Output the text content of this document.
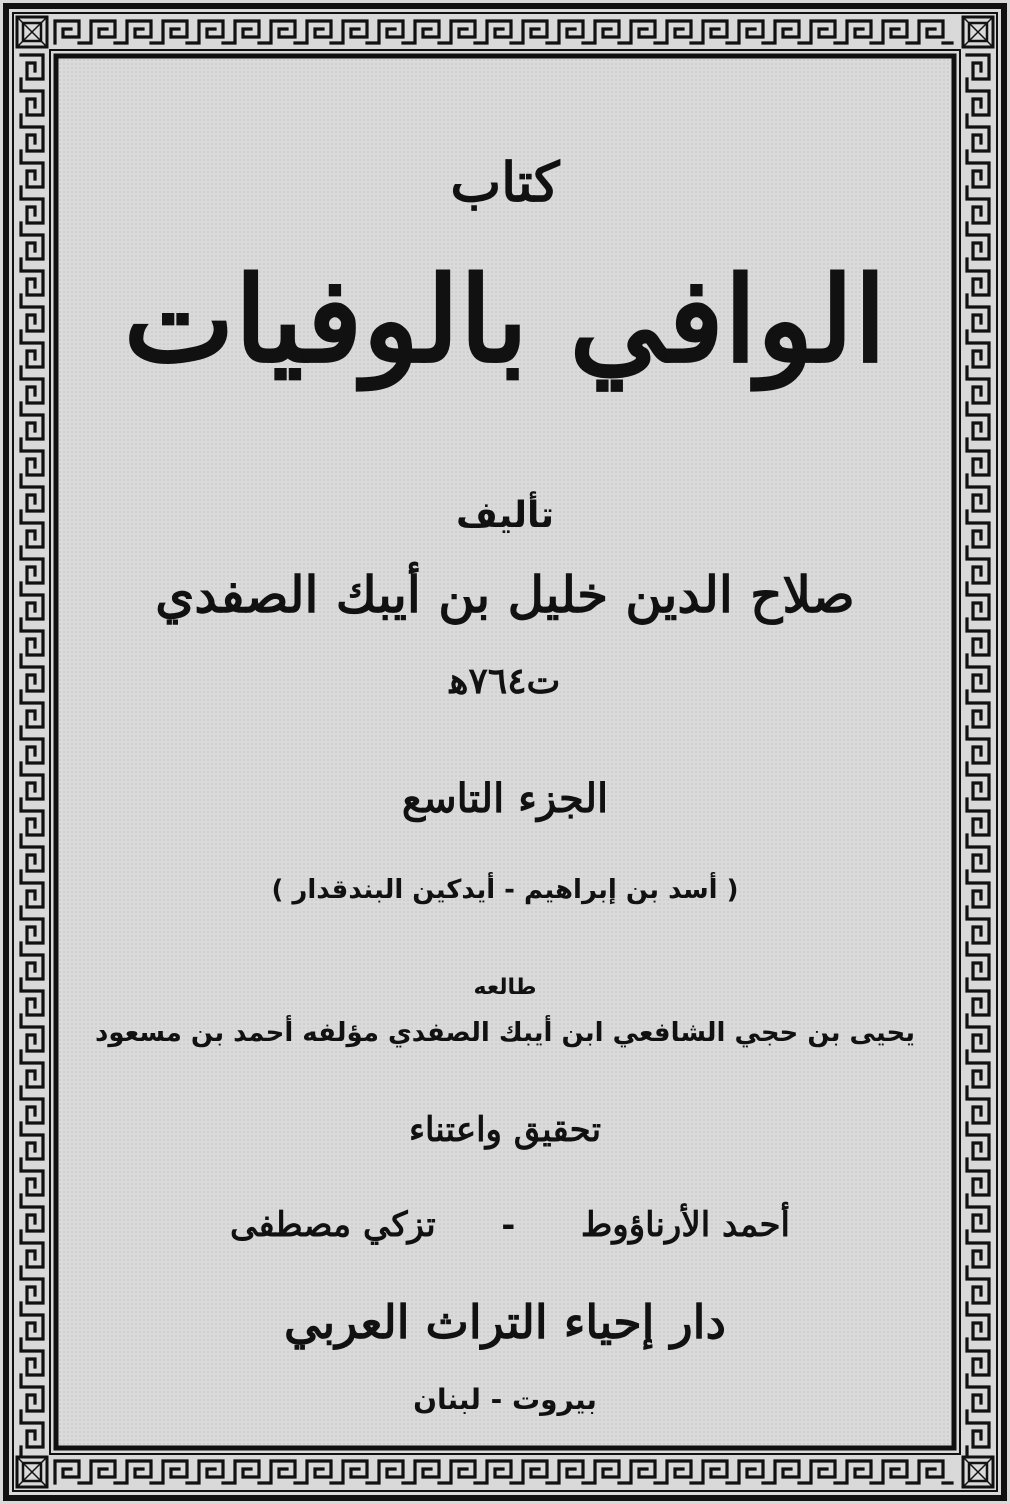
كتاب
الوافي بالوفيات
تأليف
صلاح الدين خليل بن أيبك الصفدي
ت٧٦٤ﻫ
الجزء التاسع
( أسد بن إبراهيم - أيدكين البندقدار )
طالعه
يحيى بن حجي الشافعي ابن أيبك الصفدي مؤلفه أحمد بن مسعود
تحقيق واعتناء
أحمد الأرناؤوط
-
تزكي مصطفى
دار إحياء التراث العربي
بيروت - لبنان
